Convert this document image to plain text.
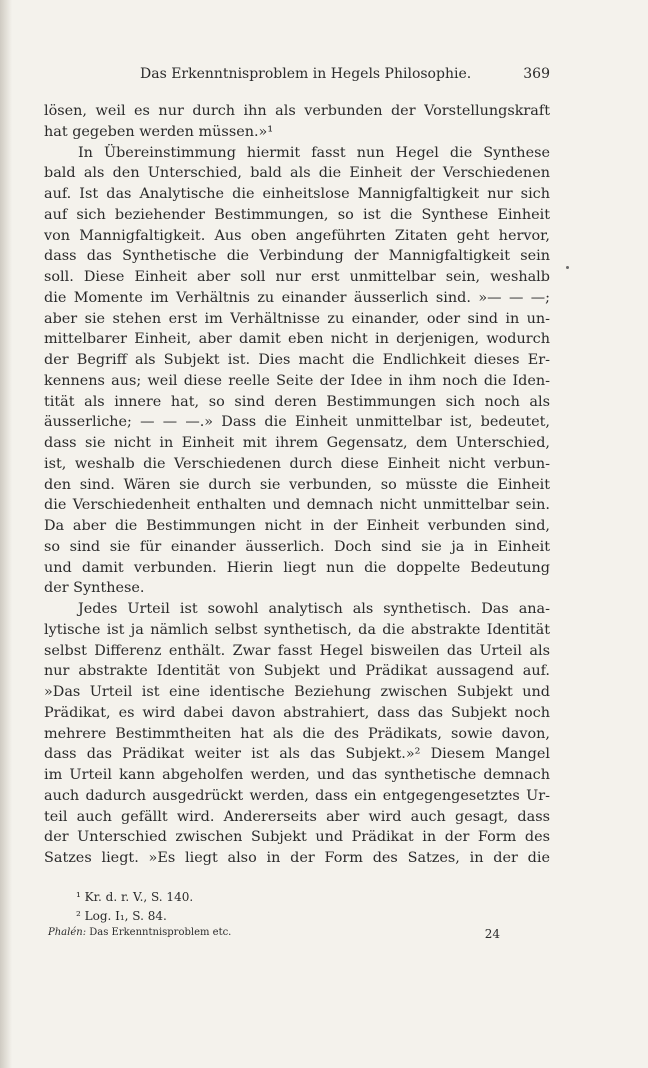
Das Erkenntnisproblem in Hegels Philosophie.	369
lösen, weil es nur durch ihn als verbunden der Vorstellungskraft
hat gegeben werden müssen.»¹
In Übereinstimmung hiermit fasst nun Hegel die Synthese
bald als den Unterschied, bald als die Einheit der Verschiedenen
auf. Ist das Analytische die einheitslose Mannigfaltigkeit nur sich
auf sich beziehender Bestimmungen, so ist die Synthese Einheit
von Mannigfaltigkeit. Aus oben angeführten Zitaten geht hervor,
dass das Synthetische die Verbindung der Mannigfaltigkeit sein
soll. Diese Einheit aber soll nur erst unmittelbar sein, weshalb
die Momente im Verhältnis zu einander äusserlich sind. »— — —;
aber sie stehen erst im Verhältnisse zu einander, oder sind in un-
mittelbarer Einheit, aber damit eben nicht in derjenigen, wodurch
der Begriff als Subjekt ist. Dies macht die Endlichkeit dieses Er-
kennens aus; weil diese reelle Seite der Idee in ihm noch die Iden-
tität als innere hat, so sind deren Bestimmungen sich noch als
äusserliche; — — —.» Dass die Einheit unmittelbar ist, bedeutet,
dass sie nicht in Einheit mit ihrem Gegensatz, dem Unterschied,
ist, weshalb die Verschiedenen durch diese Einheit nicht verbun-
den sind. Wären sie durch sie verbunden, so müsste die Einheit
die Verschiedenheit enthalten und demnach nicht unmittelbar sein.
Da aber die Bestimmungen nicht in der Einheit verbunden sind,
so sind sie für einander äusserlich. Doch sind sie ja in Einheit
und damit verbunden. Hierin liegt nun die doppelte Bedeutung
der Synthese.
Jedes Urteil ist sowohl analytisch als synthetisch. Das ana-
lytische ist ja nämlich selbst synthetisch, da die abstrakte Identität
selbst Differenz enthält. Zwar fasst Hegel bisweilen das Urteil als
nur abstrakte Identität von Subjekt und Prädikat aussagend auf.
»Das Urteil ist eine identische Beziehung zwischen Subjekt und
Prädikat, es wird dabei davon abstrahiert, dass das Subjekt noch
mehrere Bestimmtheiten hat als die des Prädikats, sowie davon,
dass das Prädikat weiter ist als das Subjekt.»² Diesem Mangel
im Urteil kann abgeholfen werden, und das synthetische demnach
auch dadurch ausgedrückt werden, dass ein entgegengesetztes Ur-
teil auch gefällt wird. Andererseits aber wird auch gesagt, dass
der Unterschied zwischen Subjekt und Prädikat in der Form des
Satzes liegt. »Es liegt also in der Form des Satzes, in der die
¹ Kr. d. r. V., S. 140.
² Log. I₁, S. 84.
Phalén: Das Erkenntnisproblem etc.	24
